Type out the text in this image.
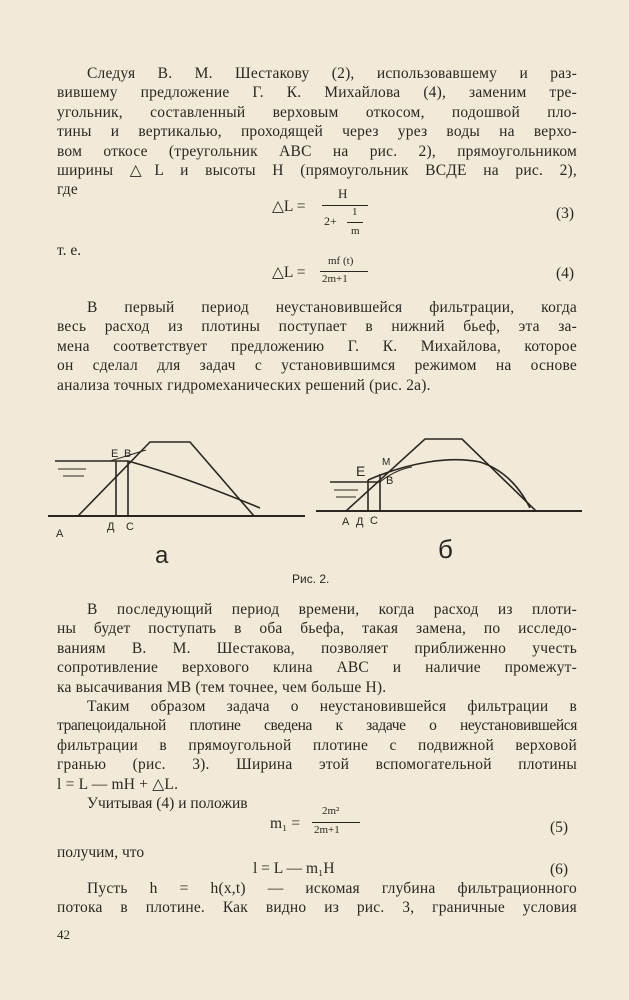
Следуя В. М. Шестакову (2), использовавшему и раз-
вившему предложение Г. К. Михайлова (4), заменим тре-
угольник, составленный верховым откосом, подошвой пло-
тины и вертикалью, проходящей через урез воды на верхо-
вом откосе (треугольник ABC на рис. 2), прямоугольником
ширины △L и высоты H (прямоугольник BCДE на рис. 2),
где
△L =
H
2+
1
m
(3)
т. е.
△L =
mf (t)
2m+1	(4)
В первый период неустановившейся фильтрации, когда
весь расход из плотины поступает в нижний бьеф, эта за-
мена соответствует предложению Г. К. Михайлова, которое
он сделал для задач с установившимся режимом на основе
анализа точных гидромеханических решений (рис. 2а).
E B
A
Д C
a
E
M
B
A Д C
б
Рис. 2.
В последующий период времени, когда расход из плоти-
ны будет поступать в оба бьефа, такая замена, по исследо-
ваниям В. М. Шестакова, позволяет приближенно учесть
сопротивление верхового клина ABC и наличие промежут-
ка высачивания MB (тем точнее, чем больше H).
Таким образом задача о неустановившейся фильтрации в
трапецоидальной плотине сведена к задаче о неустановившейся
фильтрации в прямоугольной плотине с подвижной верховой
гранью (рис. 3). Ширина этой вспомогательной плотины
l = L — mH + △L.
Учитывая (4) и положив
m₁ =
2m²
2m+1	(5)
получим, что
l = L — m₁H	(6)
Пусть h = h(x,t) — искомая глубина фильтрационного
потока в плотине. Как видно из рис. 3, граничные условия
42
